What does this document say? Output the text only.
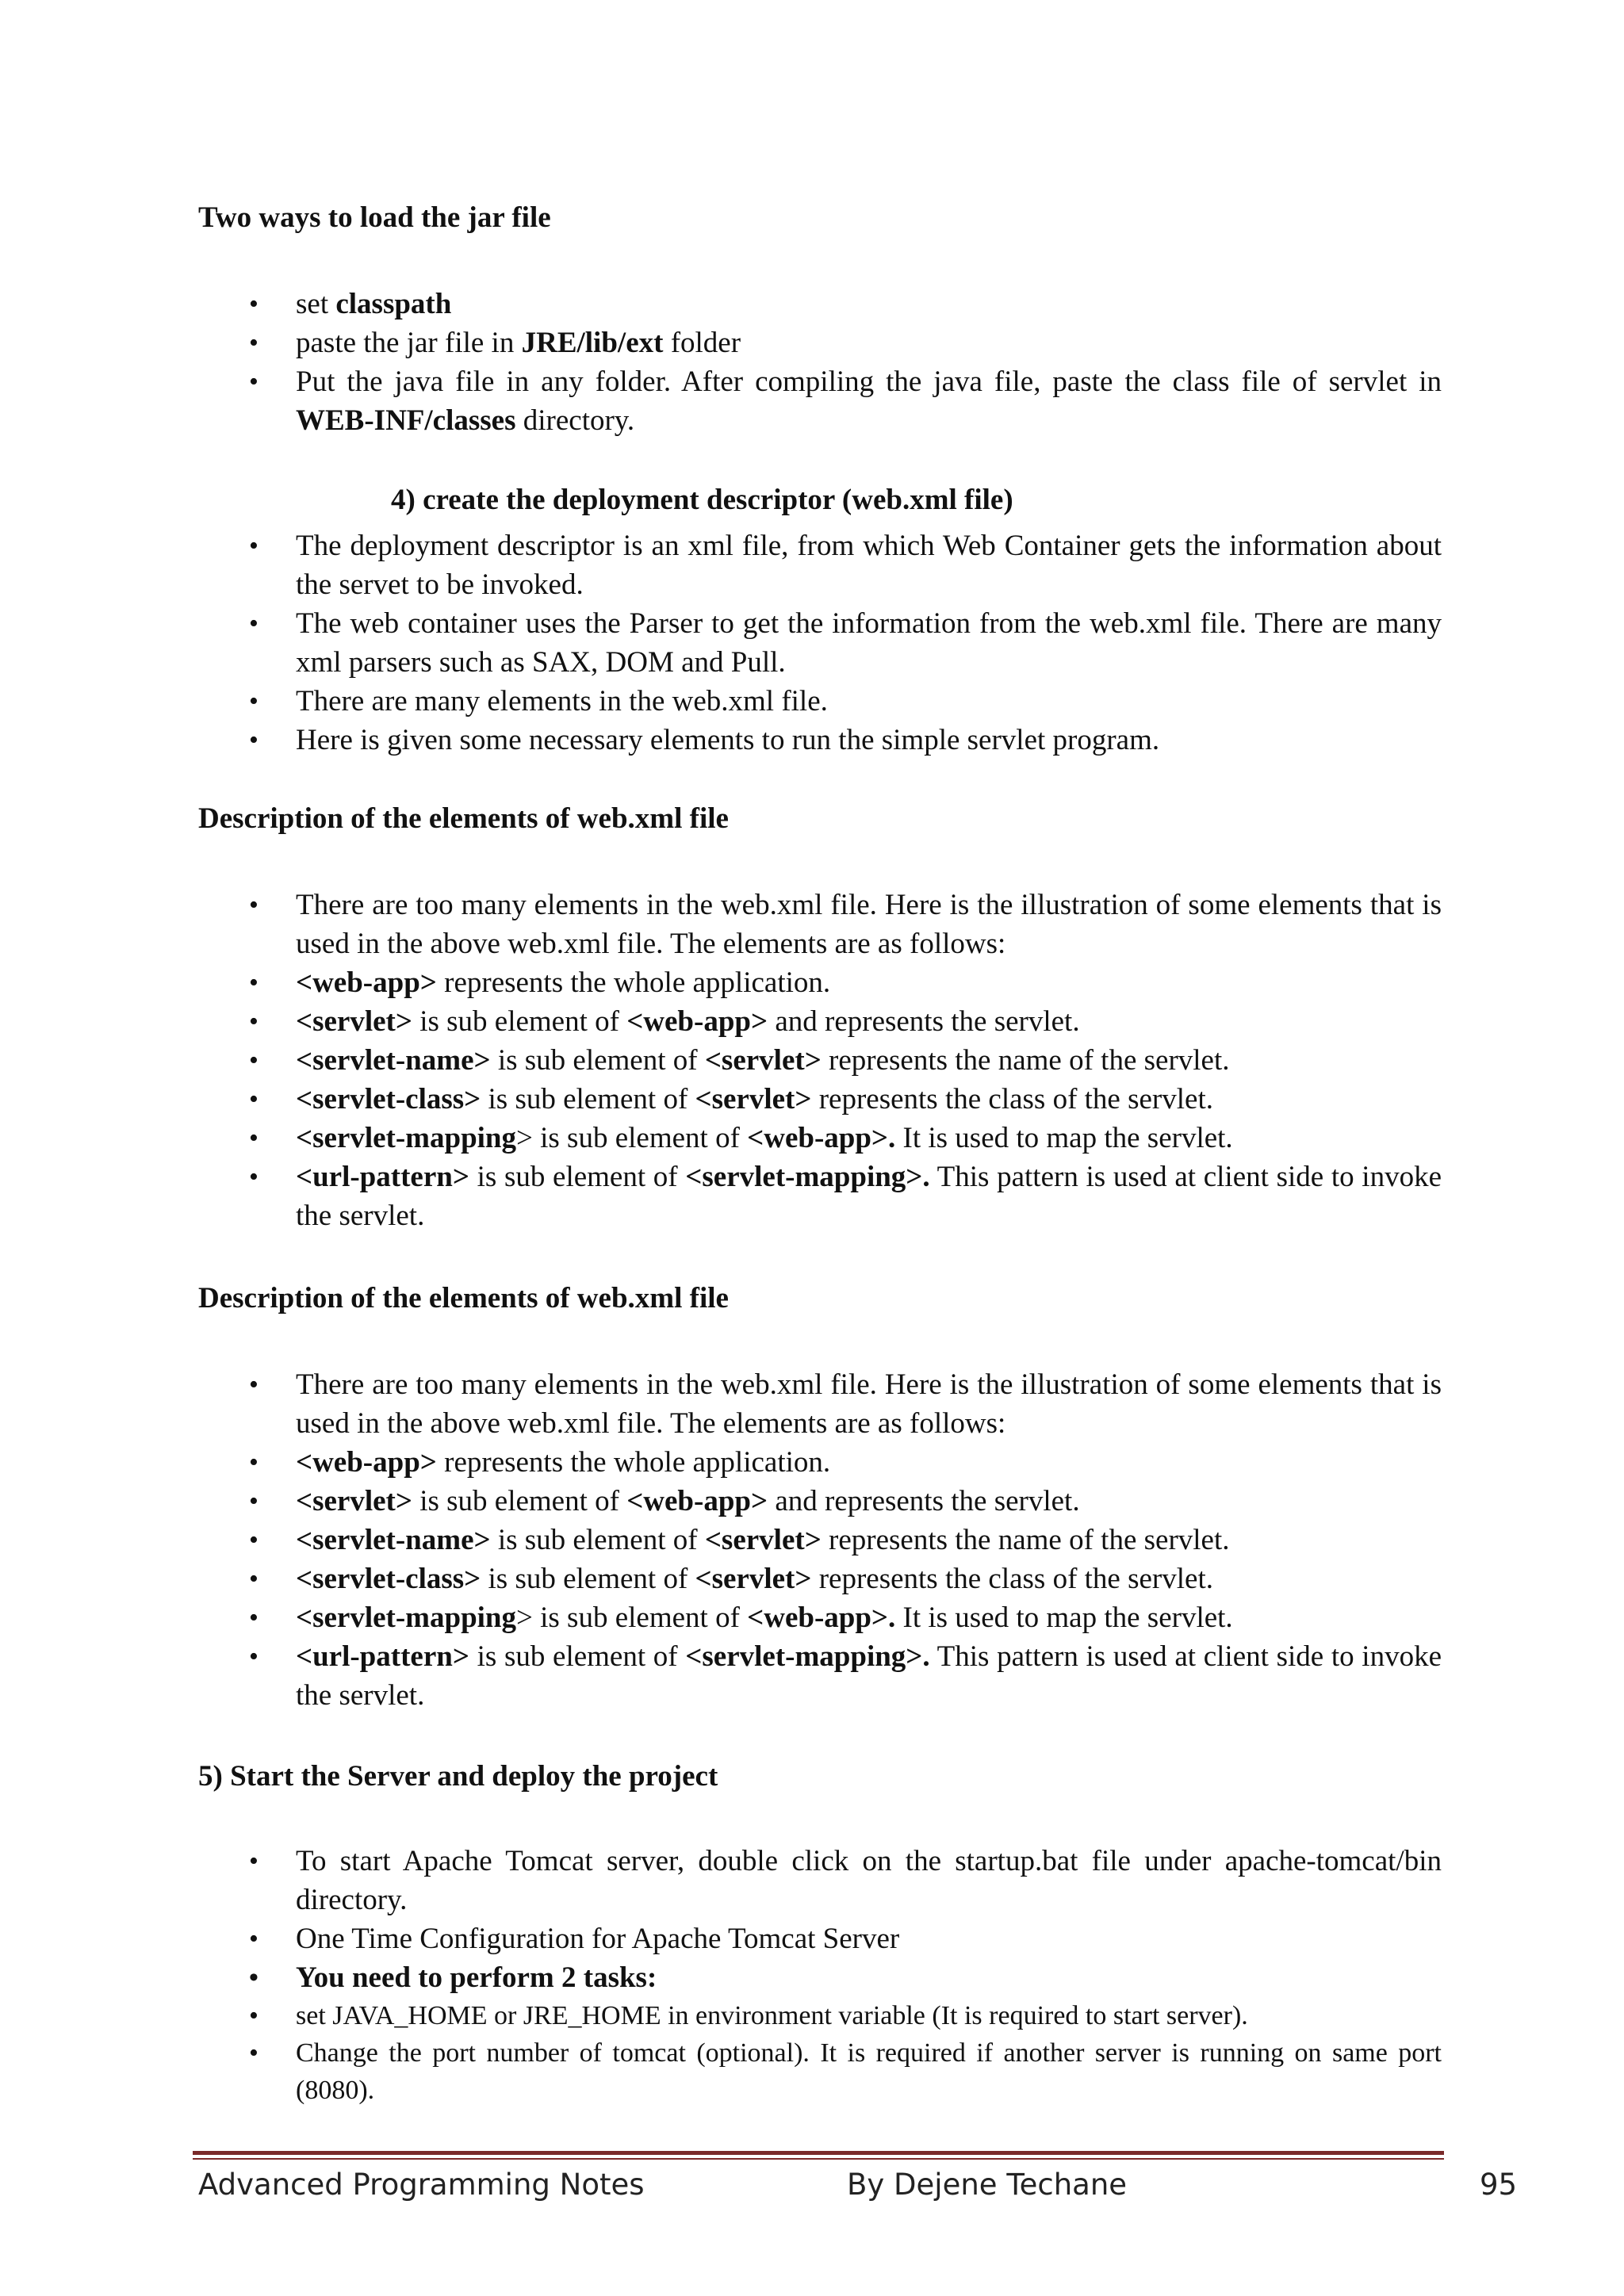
Two ways to load the jar file
• set classpath
• paste the jar file in JRE/lib/ext folder
• Put the java file in any folder. After compiling the java file, paste the class file of servlet in WEB-INF/classes directory.
4) create the deployment descriptor (web.xml file)
• The deployment descriptor is an xml file, from which Web Container gets the information about the servet to be invoked.
• The web container uses the Parser to get the information from the web.xml file. There are many xml parsers such as SAX, DOM and Pull.
• There are many elements in the web.xml file.
• Here is given some necessary elements to run the simple servlet program.
Description of the elements of web.xml file
• There are too many elements in the web.xml file. Here is the illustration of some elements that is used in the above web.xml file. The elements are as follows:
• <web-app> represents the whole application.
• <servlet> is sub element of <web-app> and represents the servlet.
• <servlet-name> is sub element of <servlet> represents the name of the servlet.
• <servlet-class> is sub element of <servlet> represents the class of the servlet.
• <servlet-mapping> is sub element of <web-app>. It is used to map the servlet.
• <url-pattern> is sub element of <servlet-mapping>. This pattern is used at client side to invoke the servlet.
Description of the elements of web.xml file
• There are too many elements in the web.xml file. Here is the illustration of some elements that is used in the above web.xml file. The elements are as follows:
• <web-app> represents the whole application.
• <servlet> is sub element of <web-app> and represents the servlet.
• <servlet-name> is sub element of <servlet> represents the name of the servlet.
• <servlet-class> is sub element of <servlet> represents the class of the servlet.
• <servlet-mapping> is sub element of <web-app>. It is used to map the servlet.
• <url-pattern> is sub element of <servlet-mapping>. This pattern is used at client side to invoke the servlet.
5) Start the Server and deploy the project
• To start Apache Tomcat server, double click on the startup.bat file under apache-tomcat/bin directory.
• One Time Configuration for Apache Tomcat Server
• You need to perform 2 tasks:
• set JAVA_HOME or JRE_HOME in environment variable (It is required to start server).
• Change the port number of tomcat (optional). It is required if another server is running on same port (8080).
Advanced Programming Notes	By Dejene Techane	95
